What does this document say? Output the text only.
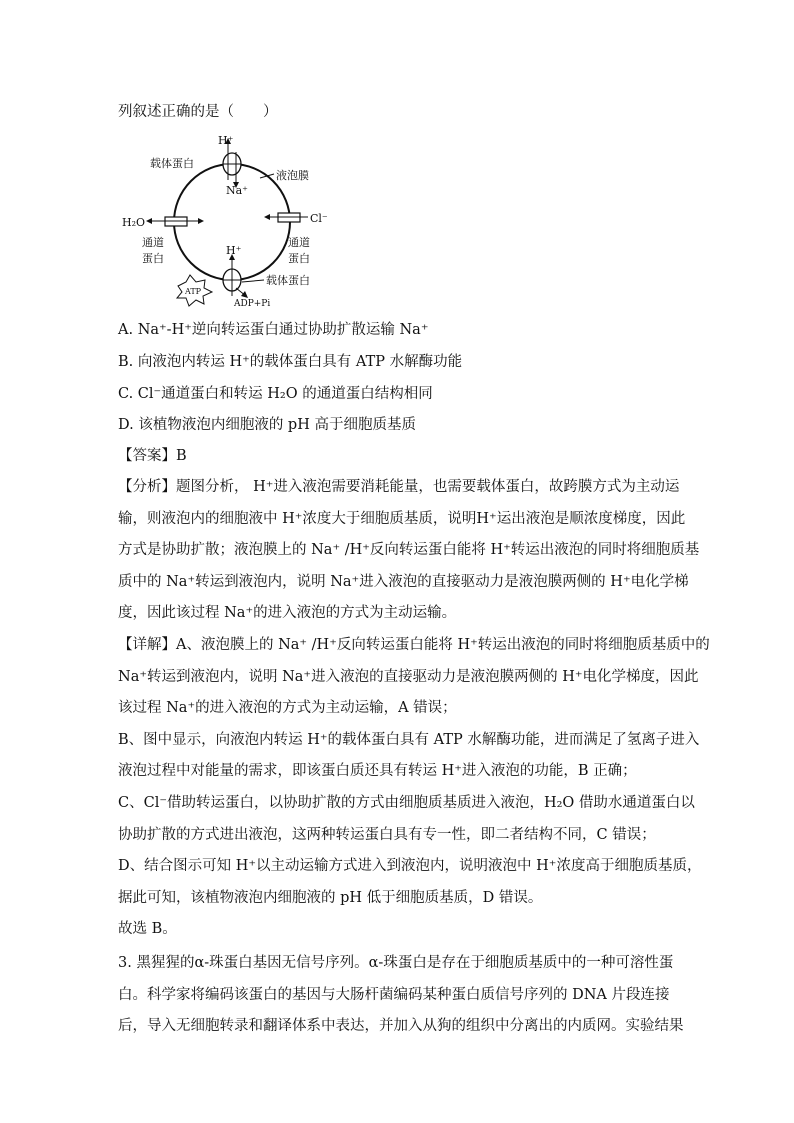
列叙述正确的是（　　）
H⁺
载体蛋白
Na⁺
液泡膜
H₂O
通道
蛋白
Cl⁻
通道
蛋白
H⁺
载体蛋白
ATP
ADP+Pi
A. Na⁺-H⁺逆向转运蛋白通过协助扩散运输 Na⁺
B. 向液泡内转运 H⁺的载体蛋白具有 ATP 水解酶功能
C. Cl⁻通道蛋白和转运 H₂O 的通道蛋白结构相同
D. 该植物液泡内细胞液的 pH 高于细胞质基质
【答案】B
【分析】题图分析， H⁺进入液泡需要消耗能量，也需要载体蛋白，故跨膜方式为主动运
输，则液泡内的细胞液中 H⁺浓度大于细胞质基质，说明H⁺运出液泡是顺浓度梯度，因此
方式是协助扩散；液泡膜上的 Na⁺ /H⁺反向转运蛋白能将 H⁺转运出液泡的同时将细胞质基
质中的 Na⁺转运到液泡内，说明 Na⁺进入液泡的直接驱动力是液泡膜两侧的 H⁺电化学梯
度，因此该过程 Na⁺的进入液泡的方式为主动运输。
【详解】A、液泡膜上的 Na⁺ /H⁺反向转运蛋白能将 H⁺转运出液泡的同时将细胞质基质中的
Na⁺转运到液泡内，说明 Na⁺进入液泡的直接驱动力是液泡膜两侧的 H⁺电化学梯度，因此
该过程 Na⁺的进入液泡的方式为主动运输，A 错误；
B、图中显示，向液泡内转运 H⁺的载体蛋白具有 ATP 水解酶功能，进而满足了氢离子进入
液泡过程中对能量的需求，即该蛋白质还具有转运 H⁺进入液泡的功能，B 正确；
C、Cl⁻借助转运蛋白，以协助扩散的方式由细胞质基质进入液泡，H₂O 借助水通道蛋白以
协助扩散的方式进出液泡，这两种转运蛋白具有专一性，即二者结构不同，C 错误；
D、结合图示可知 H⁺以主动运输方式进入到液泡内，说明液泡中 H⁺浓度高于细胞质基质，
据此可知，该植物液泡内细胞液的 pH 低于细胞质基质，D 错误。
故选 B。
3. 黑猩猩的α-珠蛋白基因无信号序列。α-珠蛋白是存在于细胞质基质中的一种可溶性蛋
白。科学家将编码该蛋白的基因与大肠杆菌编码某种蛋白质信号序列的 DNA 片段连接
后，导入无细胞转录和翻译体系中表达，并加入从狗的组织中分离出的内质网。实验结果
